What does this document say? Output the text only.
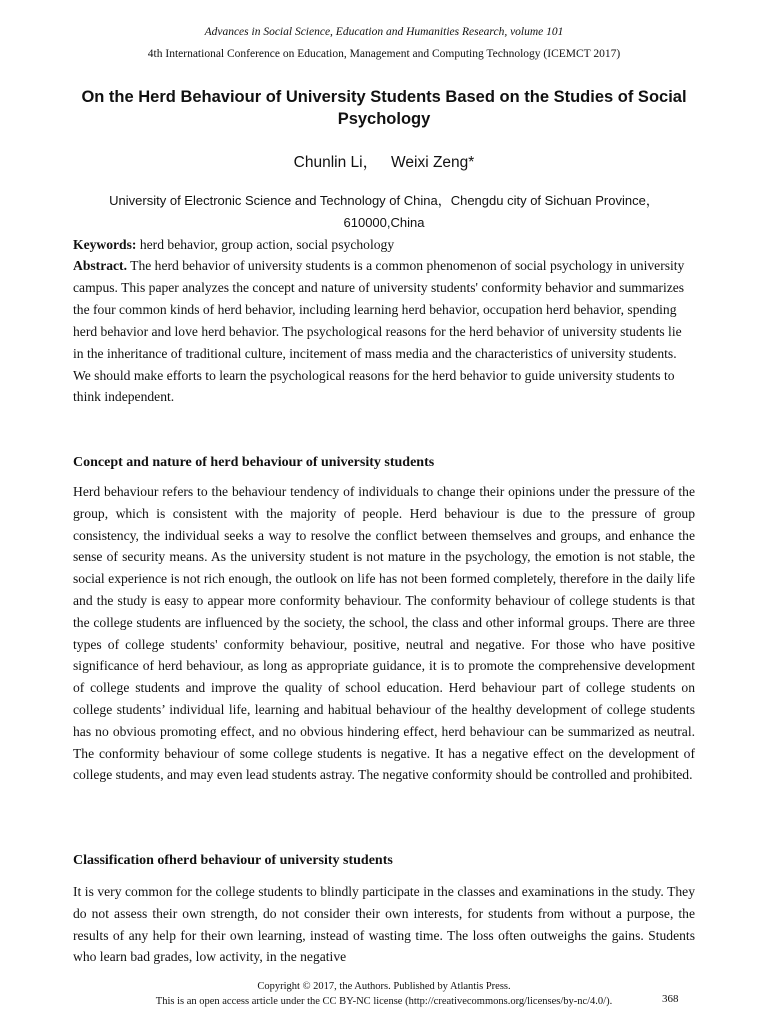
Advances in Social Science, Education and Humanities Research, volume 101
4th International Conference on Education, Management and Computing Technology (ICEMCT 2017)
On the Herd Behaviour of University Students Based on the Studies of Social Psychology
Chunlin Li， Weixi Zeng*
University of Electronic Science and Technology of China，Chengdu city of Sichuan Province，610000,China
Keywords: herd behavior, group action, social psychology
Abstract. The herd behavior of university students is a common phenomenon of social psychology in university campus. This paper analyzes the concept and nature of university students' conformity behavior and summarizes the four common kinds of herd behavior, including learning herd behavior, occupation herd behavior, spending herd behavior and love herd behavior. The psychological reasons for the herd behavior of university students lie in the inheritance of traditional culture, incitement of mass media and the characteristics of university students. We should make efforts to learn the psychological reasons for the herd behavior to guide university students to think independent.
Concept and nature of herd behaviour of university students
Herd behaviour refers to the behaviour tendency of individuals to change their opinions under the pressure of the group, which is consistent with the majority of people. Herd behaviour is due to the pressure of group consistency, the individual seeks a way to resolve the conflict between themselves and groups, and enhance the sense of security means. As the university student is not mature in the psychology, the emotion is not stable, the social experience is not rich enough, the outlook on life has not been formed completely, therefore in the daily life and the study is easy to appear more conformity behaviour. The conformity behaviour of college students is that the college students are influenced by the society, the school, the class and other informal groups. There are three types of college students' conformity behaviour, positive, neutral and negative. For those who have positive significance of herd behaviour, as long as appropriate guidance, it is to promote the comprehensive development of college students and improve the quality of school education. Herd behaviour part of college students on college students’ individual life, learning and habitual behaviour of the healthy development of college students has no obvious promoting effect, and no obvious hindering effect, herd behaviour can be summarized as neutral. The conformity behaviour of some college students is negative. It has a negative effect on the development of college students, and may even lead students astray. The negative conformity should be controlled and prohibited.
Classification ofherd behaviour of university students
It is very common for the college students to blindly participate in the classes and examinations in the study. They do not assess their own strength, do not consider their own interests, for students from without a purpose, the results of any help for their own learning, instead of wasting time. The loss often outweighs the gains. Students who learn bad grades, low activity, in the negative
Copyright © 2017, the Authors. Published by Atlantis Press.
This is an open access article under the CC BY-NC license (http://creativecommons.org/licenses/by-nc/4.0/).	368
